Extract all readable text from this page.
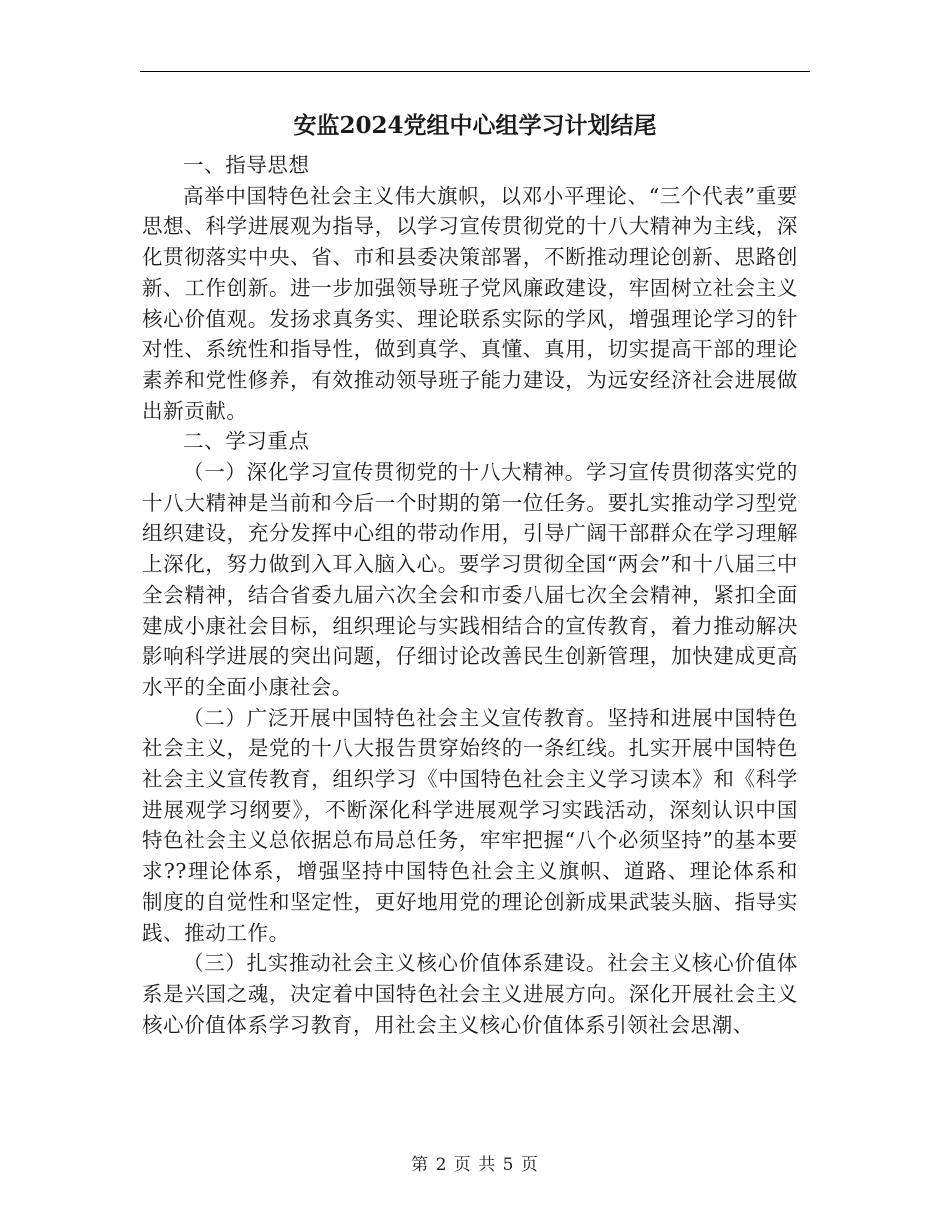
安监2024党组中心组学习计划结尾

一、指导思想

高举中国特色社会主义伟大旗帜，以邓小平理论、“三个代表”重要思想、科学进展观为指导，以学习宣传贯彻党的十八大精神为主线，深化贯彻落实中央、省、市和县委决策部署，不断推动理论创新、思路创新、工作创新。进一步加强领导班子党风廉政建设，牢固树立社会主义核心价值观。发扬求真务实、理论联系实际的学风，增强理论学习的针对性、系统性和指导性，做到真学、真懂、真用，切实提高干部的理论素养和党性修养，有效推动领导班子能力建设，为远安经济社会进展做出新贡献。

二、学习重点

（一）深化学习宣传贯彻党的十八大精神。学习宣传贯彻落实党的十八大精神是当前和今后一个时期的第一位任务。要扎实推动学习型党组织建设，充分发挥中心组的带动作用，引导广阔干部群众在学习理解上深化，努力做到入耳入脑入心。要学习贯彻全国“两会”和十八届三中全会精神，结合省委九届六次全会和市委八届七次全会精神，紧扣全面建成小康社会目标，组织理论与实践相结合的宣传教育，着力推动解决影响科学进展的突出问题，仔细讨论改善民生创新管理，加快建成更高水平的全面小康社会。

（二）广泛开展中国特色社会主义宣传教育。坚持和进展中国特色社会主义，是党的十八大报告贯穿始终的一条红线。扎实开展中国特色社会主义宣传教育，组织学习《中国特色社会主义学习读本》和《科学进展观学习纲要》，不断深化科学进展观学习实践活动，深刻认识中国特色社会主义总依据总布局总任务，牢牢把握“八个必须坚持”的基本要求??理论体系，增强坚持中国特色社会主义旗帜、道路、理论体系和制度的自觉性和坚定性，更好地用党的理论创新成果武装头脑、指导实践、推动工作。

（三）扎实推动社会主义核心价值体系建设。社会主义核心价值体系是兴国之魂，决定着中国特色社会主义进展方向。深化开展社会主义核心价值体系学习教育，用社会主义核心价值体系引领社会思潮、

第 2 页 共 5 页
